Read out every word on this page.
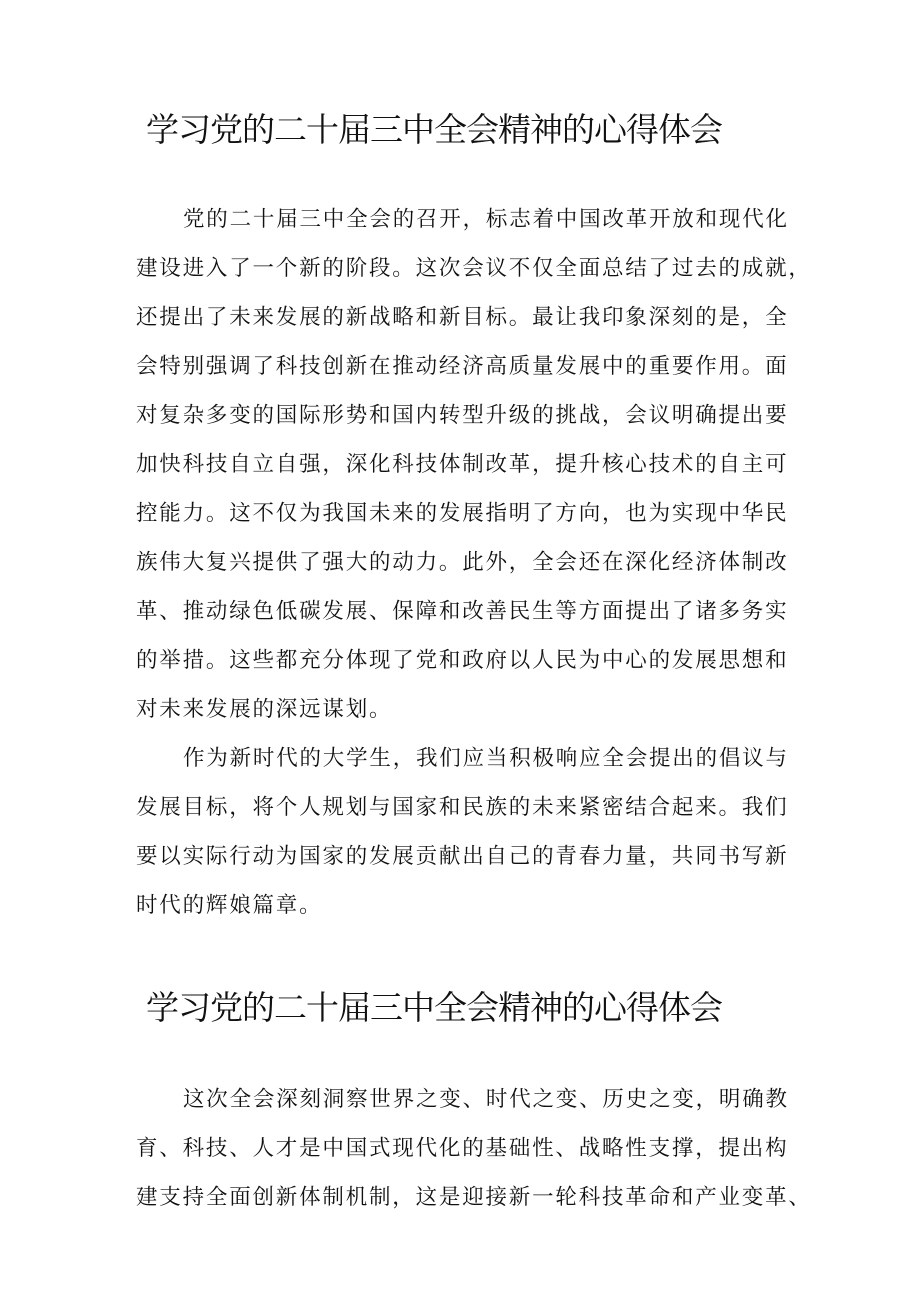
学习党的二十届三中全会精神的心得体会

党的二十届三中全会的召开，标志着中国改革开放和现代化

建设进入了一个新的阶段。这次会议不仅全面总结了过去的成就，

还提出了未来发展的新战略和新目标。最让我印象深刻的是，全

会特别强调了科技创新在推动经济高质量发展中的重要作用。面

对复杂多变的国际形势和国内转型升级的挑战，会议明确提出要

加快科技自立自强，深化科技体制改革，提升核心技术的自主可

控能力。这不仅为我国未来的发展指明了方向，也为实现中华民

族伟大复兴提供了强大的动力。此外，全会还在深化经济体制改

革、推动绿色低碳发展、保障和改善民生等方面提出了诸多务实

的举措。这些都充分体现了党和政府以人民为中心的发展思想和

对未来发展的深远谋划。

作为新时代的大学生，我们应当积极响应全会提出的倡议与

发展目标，将个人规划与国家和民族的未来紧密结合起来。我们

要以实际行动为国家的发展贡献出自己的青春力量，共同书写新

时代的辉娘篇章。

学习党的二十届三中全会精神的心得体会

这次全会深刻洞察世界之变、时代之变、历史之变，明确教

育、科技、人才是中国式现代化的基础性、战略性支撑，提出构

建支持全面创新体制机制，这是迎接新一轮科技革命和产业变革、
